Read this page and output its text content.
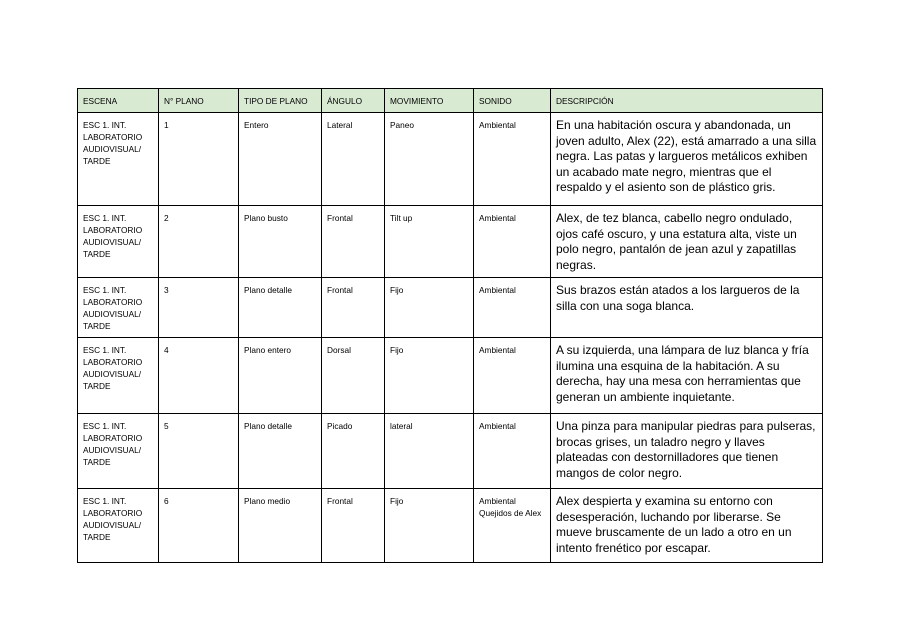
ESCENA	N° PLANO	TIPO DE PLANO	ÁNGULO	MOVIMIENTO	SONIDO	DESCRIPCIÓN
ESC 1. INT. LABORATORIO AUDIOVISUAL/ TARDE	1	Entero	Lateral	Paneo	Ambiental	En una habitación oscura y abandonada, un joven adulto, Alex (22), está amarrado a una silla negra. Las patas y largueros metálicos exhiben un acabado mate negro, mientras que el respaldo y el asiento son de plástico gris.
ESC 1. INT. LABORATORIO AUDIOVISUAL/ TARDE	2	Plano busto	Frontal	Tilt up	Ambiental	Alex, de tez blanca, cabello negro ondulado, ojos café oscuro, y una estatura alta, viste un polo negro, pantalón de jean azul y zapatillas negras.
ESC 1. INT. LABORATORIO AUDIOVISUAL/ TARDE	3	Plano detalle	Frontal	Fijo	Ambiental	Sus brazos están atados a los largueros de la silla con una soga blanca.
ESC 1. INT. LABORATORIO AUDIOVISUAL/ TARDE	4	Plano entero	Dorsal	Fijo	Ambiental	A su izquierda, una lámpara de luz blanca y fría ilumina una esquina de la habitación. A su derecha, hay una mesa con herramientas que generan un ambiente inquietante.
ESC 1. INT. LABORATORIO AUDIOVISUAL/ TARDE	5	Plano detalle	Picado	lateral	Ambiental	Una pinza para manipular piedras para pulseras, brocas grises, un taladro negro y llaves plateadas con destornilladores que tienen mangos de color negro.
ESC 1. INT. LABORATORIO AUDIOVISUAL/ TARDE	6	Plano medio	Frontal	Fijo	Ambiental Quejidos de Alex	Alex despierta y examina su entorno con desesperación, luchando por liberarse. Se mueve bruscamente de un lado a otro en un intento frenético por escapar.
